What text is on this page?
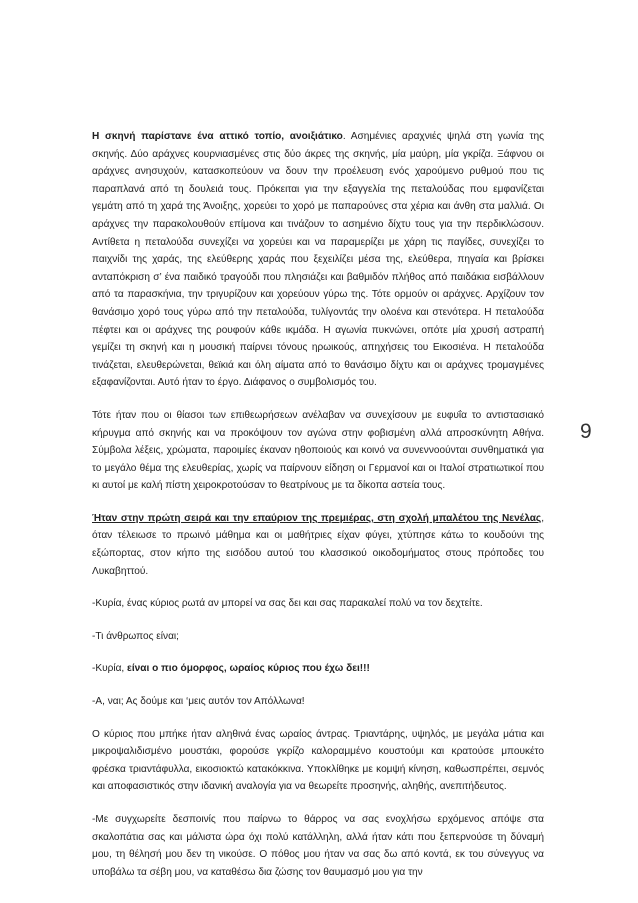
Η σκηνή παρίστανε ένα αττικό τοπίο, ανοιξιάτικο. Ασημένιες αραχνιές ψηλά στη γωνία της σκηνής. Δύο αράχνες κουρνιασμένες στις δύο άκρες της σκηνής, μία μαύρη, μία γκρίζα. Ξάφνου οι αράχνες ανησυχούν, κατασκοπεύουν να δουν την προέλευση ενός χαρούμενο ρυθμού που τις παραπλανά από τη δουλειά τους. Πρόκειται για την εξαγγελία της πεταλούδας που εμφανίζεται γεμάτη από τη χαρά της Άνοιξης, χορεύει το χορό με παπαρούνες στα χέρια και άνθη στα μαλλιά. Οι αράχνες την παρακολουθούν επίμονα και τινάζουν το ασημένιο δίχτυ τους για την περδικλώσουν. Αντίθετα η πεταλούδα συνεχίζει να χορεύει και να παραμερίζει με χάρη τις παγίδες, συνεχίζει το παιχνίδι της χαράς, της ελεύθερης χαράς που ξεχειλίζει μέσα της, ελεύθερα, πηγαία και βρίσκει ανταπόκριση σ’ ένα παιδικό τραγούδι που πλησιάζει και βαθμιδόν πλήθος από παιδάκια εισβάλλουν από τα παρασκήνια, την τριγυρίζουν και χορεύουν γύρω της. Τότε ορμούν οι αράχνες. Αρχίζουν τον θανάσιμο χορό τους γύρω από την πεταλούδα, τυλίγοντάς την ολοένα και στενότερα. Η πεταλούδα πέφτει και οι αράχνες της ρουφούν κάθε ικμάδα. Η αγωνία πυκνώνει, οπότε μία χρυσή αστραπή γεμίζει τη σκηνή και η μουσική παίρνει τόνους ηρωικούς, απηχήσεις του Εικοσιένα. Η πεταλούδα τινάζεται, ελευθερώνεται, θεϊκιά και όλη αίματα από το θανάσιμο δίχτυ και οι αράχνες τρομαγμένες εξαφανίζονται. Αυτό ήταν το έργο. Διάφανος ο συμβολισμός του.

Τότε ήταν που οι θίασοι των επιθεωρήσεων ανέλαβαν να συνεχίσουν με ευφυΐα το αντιστασιακό κήρυγμα από σκηνής και να προκόψουν τον αγώνα στην φοβισμένη αλλά απροσκύνητη Αθήνα. Σύμβολα λέξεις, χρώματα, παροιμίες έκαναν ηθοποιούς και κοινό να συνεννοούνται συνθηματικά για το μεγάλο θέμα της ελευθερίας, χωρίς να παίρνουν είδηση οι Γερμανοί και οι Ιταλοί στρατιωτικοί που κι αυτοί με καλή πίστη χειροκροτούσαν το θεατρίνους με τα δίκοπα αστεία τους.

Ήταν στην πρώτη σειρά και την επαύριον της πρεμιέρας, στη σχολή μπαλέτου της Νενέλας, όταν τέλειωσε το πρωινό μάθημα και οι μαθήτριες είχαν φύγει, χτύπησε κάτω το κουδούνι της εξώπορτας, στον κήπο της εισόδου αυτού του κλασσικού οικοδομήματος στους πρόποδες του Λυκαβηττού.

-Κυρία, ένας κύριος ρωτά αν μπορεί να σας δει και σας παρακαλεί πολύ να τον δεχτείτε.

-Τι άνθρωπος είναι;

-Κυρία, είναι ο πιο όμορφος, ωραίος κύριος που έχω δει!!!

-Α, ναι; Ας δούμε και ‘μεις αυτόν τον Απόλλωνα!

Ο κύριος που μπήκε ήταν αληθινά ένας ωραίος άντρας. Τριαντάρης, υψηλός, με μεγάλα μάτια και μικροψαλιδισμένο μουστάκι, φορούσε γκρίζο καλοραμμένο κουστούμι και κρατούσε μπουκέτο φρέσκα τριαντάφυλλα, εικοσιοκτώ κατακόκκινα. Υποκλίθηκε με κομψή κίνηση, καθωσπρέπει, σεμνός και αποφασιστικός στην ιδανική αναλογία για να θεωρείτε προσηνής, αληθής, ανεπιτήδευτος.

-Με συγχωρείτε δεσποινίς που παίρνω το θάρρος να σας ενοχλήσω ερχόμενος απόψε στα σκαλοπάτια σας και μάλιστα ώρα όχι πολύ κατάλληλη, αλλά ήταν κάτι που ξεπερνούσε τη δύναμή μου, τη θέλησή μου δεν τη νικούσε. Ο πόθος μου ήταν να σας δω από κοντά, εκ του σύνεγγυς να υποβάλω τα σέβη μου, να καταθέσω δια ζώσης τον θαυμασμό μου για την

9
